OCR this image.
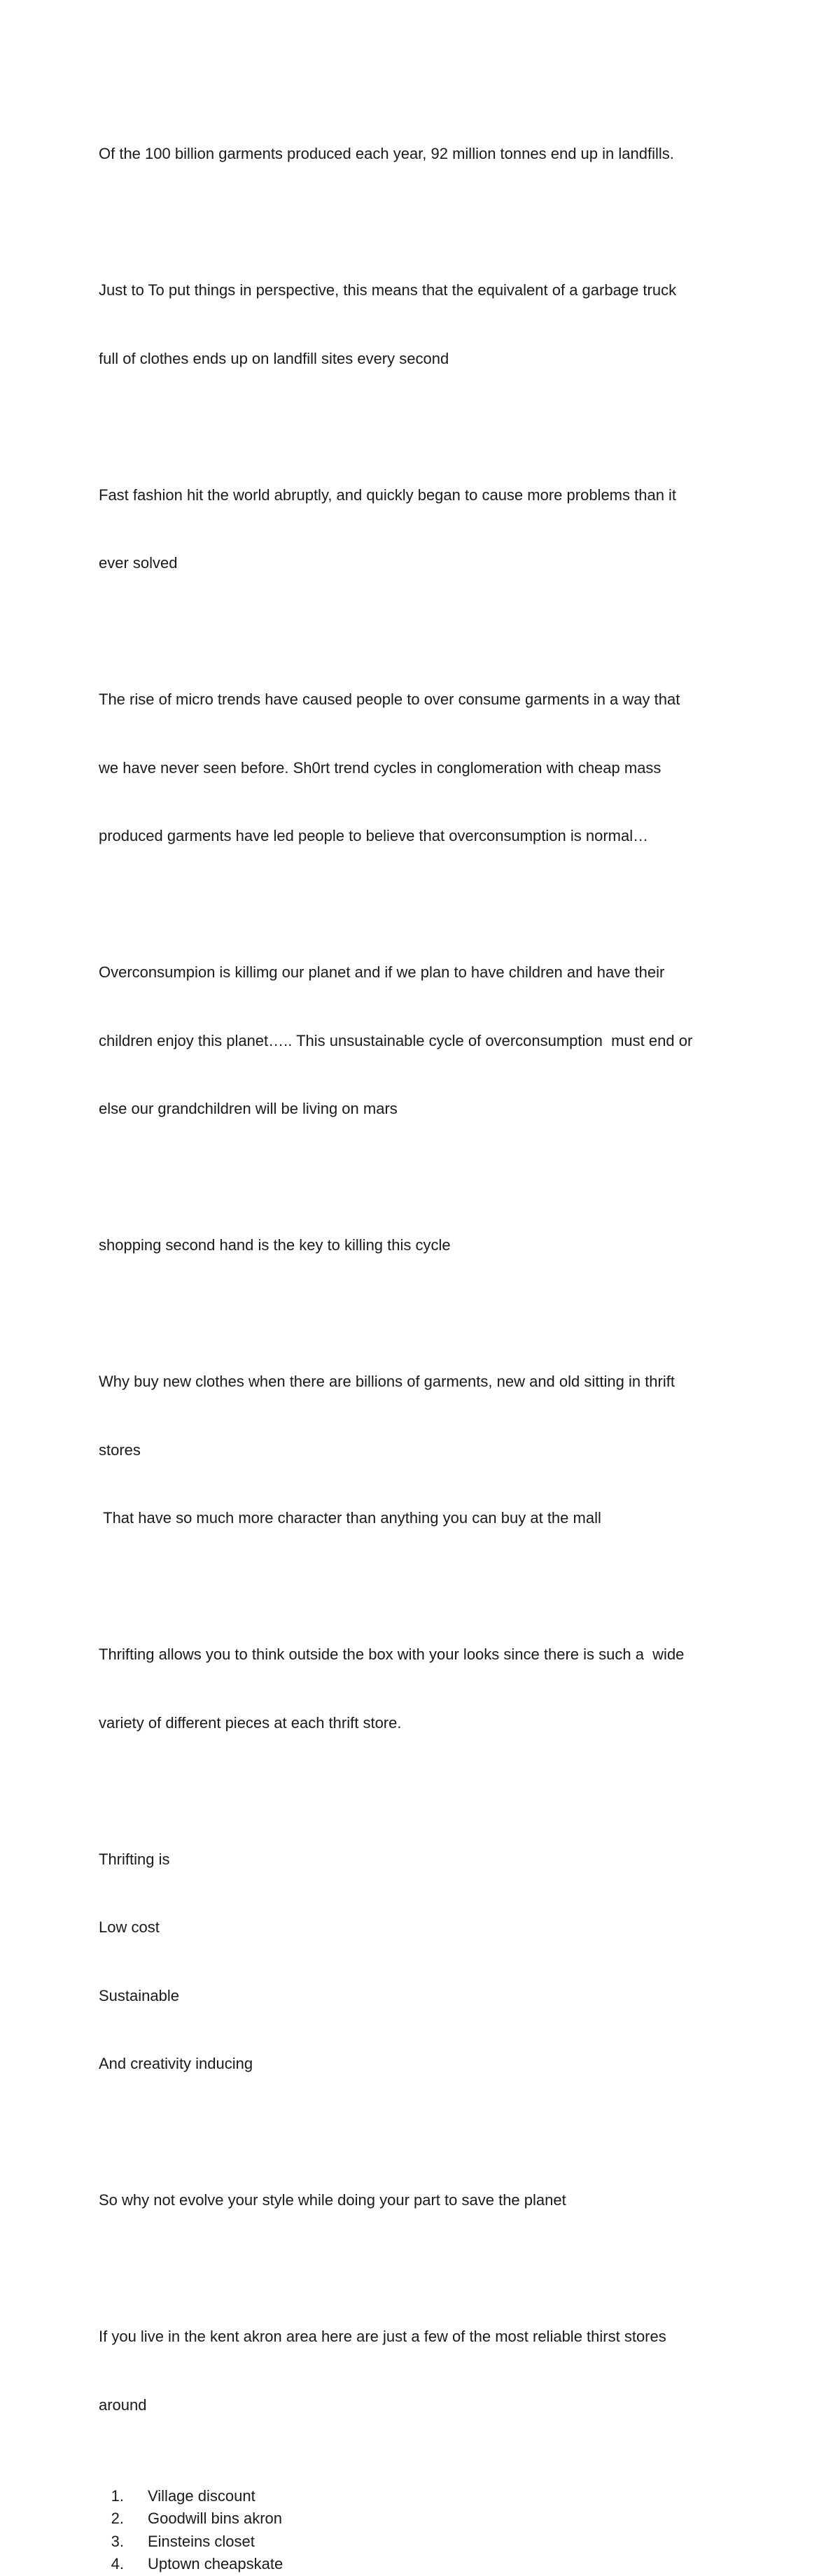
Of the 100 billion garments produced each year, 92 million tonnes end up in landfills.

Just to To put things in perspective, this means that the equivalent of a garbage truck

full of clothes ends up on landfill sites every second

Fast fashion hit the world abruptly, and quickly began to cause more problems than it

ever solved

The rise of micro trends have caused people to over consume garments in a way that

we have never seen before. Sh0rt trend cycles in conglomeration with cheap mass

produced garments have led people to believe that overconsumption is normal…

Overconsumpion is killimg our planet and if we plan to have children and have their

children enjoy this planet….. This unsustainable cycle of overconsumption  must end or

else our grandchildren will be living on mars

shopping second hand is the key to killing this cycle

Why buy new clothes when there are billions of garments, new and old sitting in thrift

stores

That have so much more character than anything you can buy at the mall

Thrifting allows you to think outside the box with your looks since there is such a  wide

variety of different pieces at each thrift store.

Thrifting is

Low cost

Sustainable

And creativity inducing

So why not evolve your style while doing your part to save the planet

If you live in the kent akron area here are just a few of the most reliable thirst stores

around

1.	Village discount
2.	Goodwill bins akron
3.	Einsteins closet
4.	Uptown cheapskate
